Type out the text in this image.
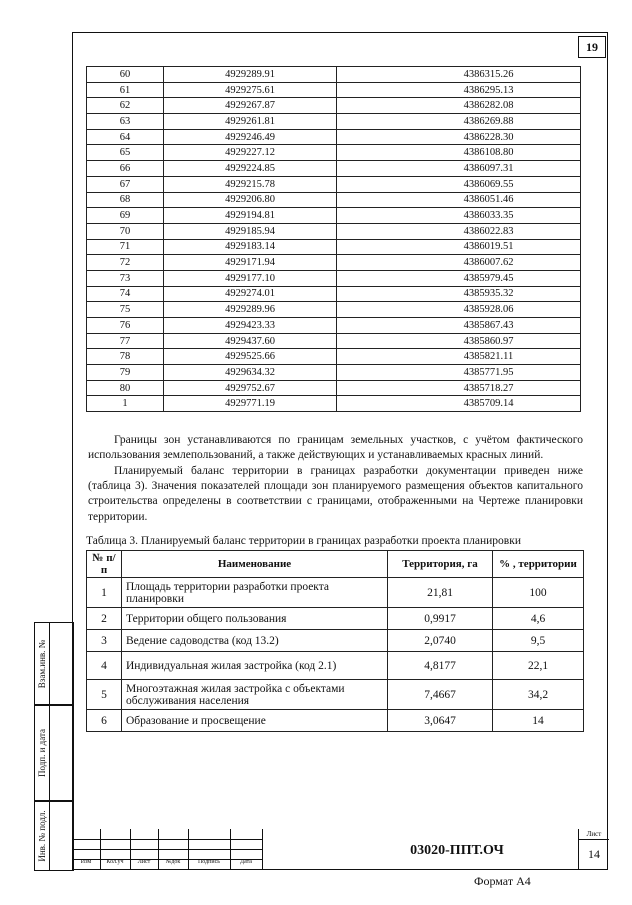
19
60	4929289.91	4386315.26
61	4929275.61	4386295.13
62	4929267.87	4386282.08
63	4929261.81	4386269.88
64	4929246.49	4386228.30
65	4929227.12	4386108.80
66	4929224.85	4386097.31
67	4929215.78	4386069.55
68	4929206.80	4386051.46
69	4929194.81	4386033.35
70	4929185.94	4386022.83
71	4929183.14	4386019.51
72	4929171.94	4386007.62
73	4929177.10	4385979.45
74	4929274.01	4385935.32
75	4929289.96	4385928.06
76	4929423.33	4385867.43
77	4929437.60	4385860.97
78	4929525.66	4385821.11
79	4929634.32	4385771.95
80	4929752.67	4385718.27
1	4929771.19	4385709.14

Границы зон устанавливаются по границам земельных участков, с учётом фактического использования землепользований, а также действующих и устанавливаемых красных линий.

Планируемый баланс территории в границах разработки документации приведен ниже (таблица 3). Значения показателей площади зон планируемого размещения объектов капитального строительства определены в соответствии с границами, отображенными на Чертеже планировки территории.

Таблица 3. Планируемый баланс территории в границах разработки проекта планировки
№ п/п	Наименование	Территория, га	% , территории
1	Площадь территории разработки проекта планировки	21,81	100
2	Территории общего пользования	0,9917	4,6
3	Ведение садоводства (код 13.2)	2,0740	9,5
4	Индивидуальная жилая застройка (код 2.1)	4,8177	22,1
5	Многоэтажная жилая застройка с объектами обслуживания населения	7,4667	34,2
6	Образование и просвещение	3,0647	14
Взам.инв. №
Подп. и дата
Инв. № подл.
Изм	Кол.уч	Лист	№док	Подпись	Дата
03020-ППТ.ОЧ
Лист
14
Формат А4
